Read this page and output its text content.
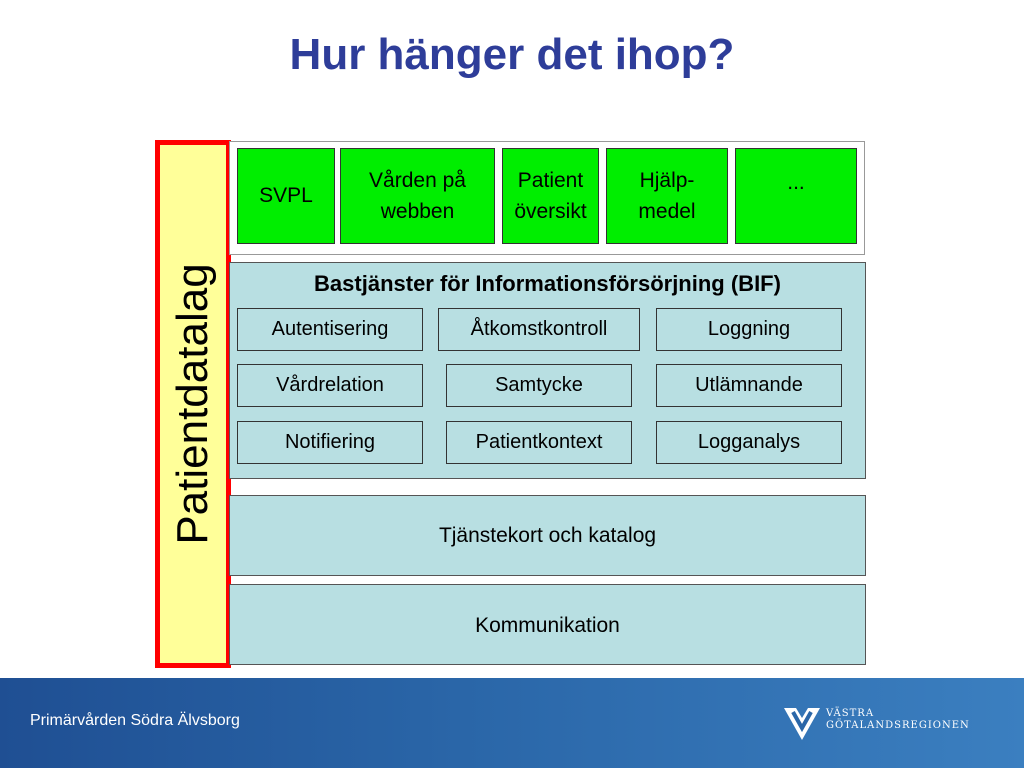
Hur hänger det ihop?
Patientdatalag
SVPL
Vården på webben
Patient översikt
Hjälp-medel
...
Bastjänster för Informationsförsörjning (BIF)
Autentisering	Åtkomstkontroll	Loggning
Vårdrelation	Samtycke	Utlämnande
Notifiering	Patientkontext	Logganalys
Tjänstekort och katalog
Kommunikation
Primärvården Södra Älvsborg	VÄSTRA
GÖTALANDSREGIONEN
